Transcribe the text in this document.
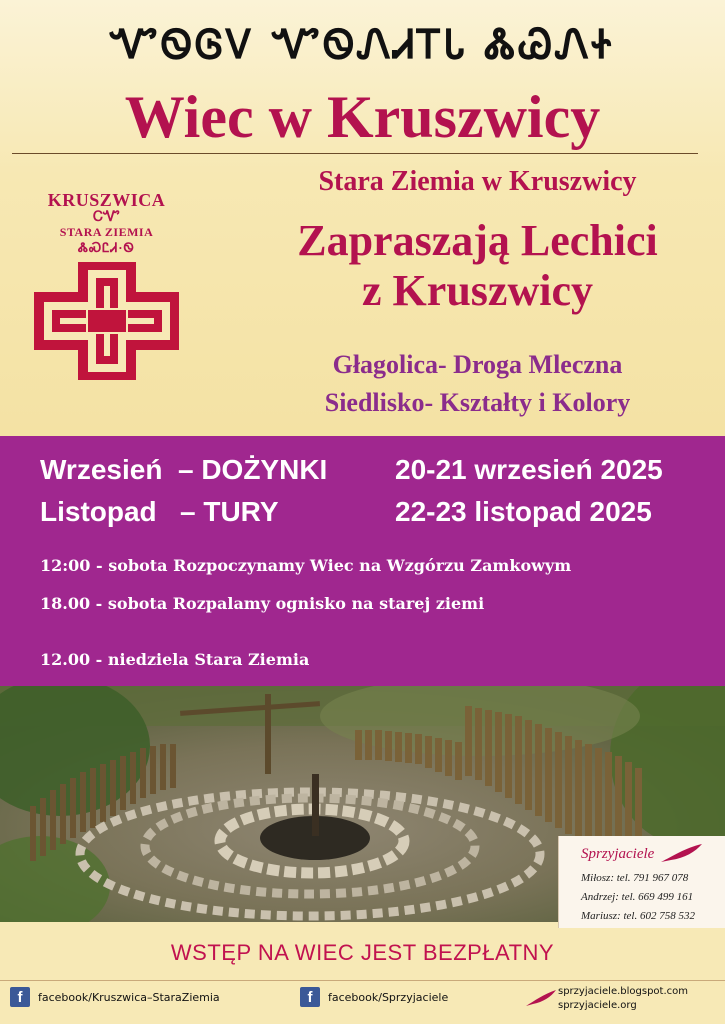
ᏉᏫᎶᏙ ᏉᏫᏁᏗᎢᏓ ᏜᏊᏁᏐ
Wiec w Kruszwicy
KRUSZWICA
ᏟᏉ
STARA ZIEMIA
ᏜᏍᏝᏗ·Ꮻ
Stara Ziemia w Kruszwicy
Zapraszają Lechici
z Kruszwicy
Głagolica- Droga Mleczna
Siedlisko- Kształty i Kolory
Wrzesień  – DOŻYNKI 20-21 wrzesień 2025
Listopad   – TURY	22-23 listopad 2025
12:00 - sobota Rozpoczynamy Wiec na Wzgórzu Zamkowym
18.00 - sobota Rozpalamy ognisko na starej ziemi
12.00 - niedziela Stara Ziemia
Sprzyjaciele
Miłosz: tel. 791 967 078
Andrzej: tel. 669 499 161
Mariusz: tel. 602 758 532
WSTĘP NA WIEC JEST BEZPŁATNY
f	facebook/Kruszwica–StaraZiemia	f	facebook/Sprzyjaciele	sprzyjaciele.blogspot.com
sprzyjaciele.org
